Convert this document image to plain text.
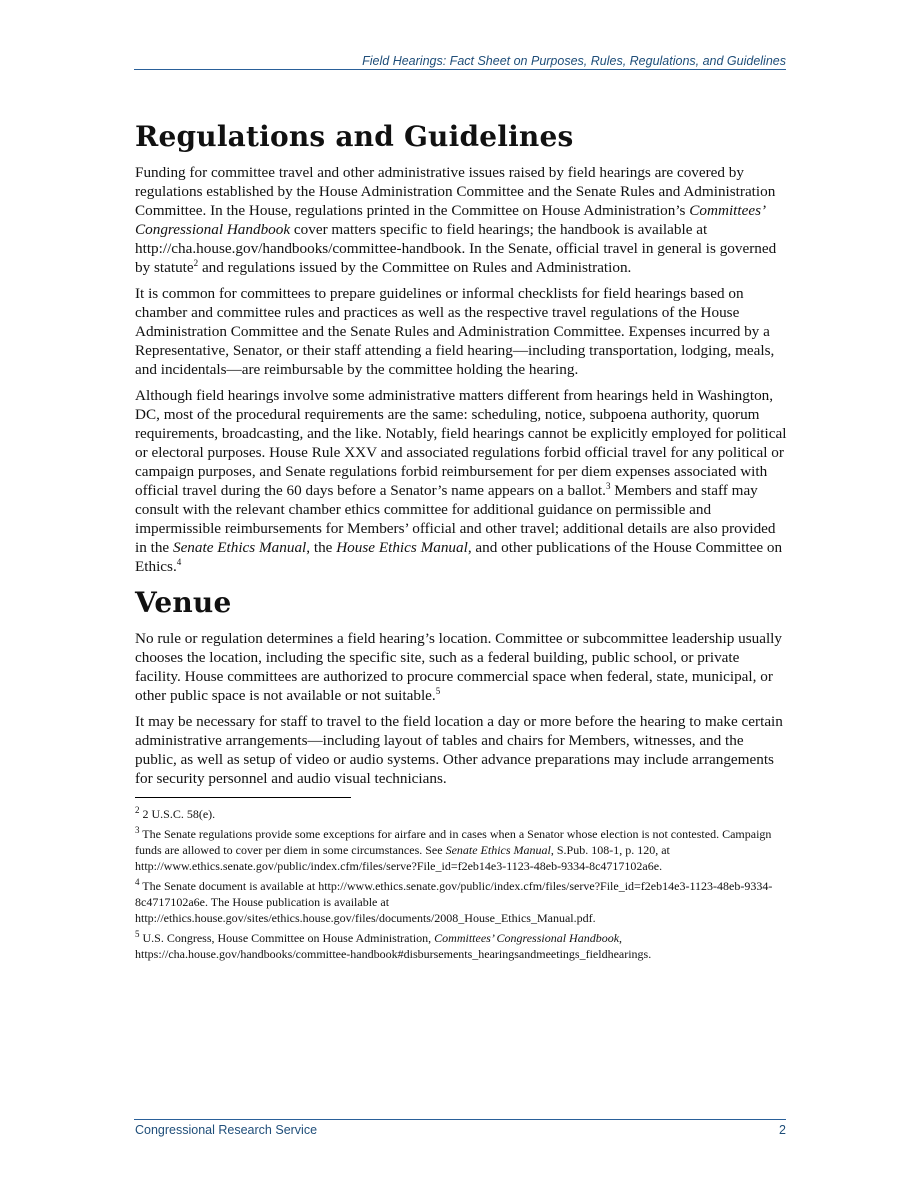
Field Hearings: Fact Sheet on Purposes, Rules, Regulations, and Guidelines
Regulations and Guidelines

Funding for committee travel and other administrative issues raised by field hearings are covered by regulations established by the House Administration Committee and the Senate Rules and Administration Committee. In the House, regulations printed in the Committee on House Administration’s Committees’ Congressional Handbook cover matters specific to field hearings; the handbook is available at http://cha.house.gov/handbooks/committee-handbook. In the Senate, official travel in general is governed by statute$^2$ and regulations issued by the Committee on Rules and Administration.

It is common for committees to prepare guidelines or informal checklists for field hearings based on chamber and committee rules and practices as well as the respective travel regulations of the House Administration Committee and the Senate Rules and Administration Committee. Expenses incurred by a Representative, Senator, or their staff attending a field hearing—including transportation, lodging, meals, and incidentals—are reimbursable by the committee holding the hearing.

Although field hearings involve some administrative matters different from hearings held in Washington, DC, most of the procedural requirements are the same: scheduling, notice, subpoena authority, quorum requirements, broadcasting, and the like. Notably, field hearings cannot be explicitly employed for political or electoral purposes. House Rule XXV and associated regulations forbid official travel for any political or campaign purposes, and Senate regulations forbid reimbursement for per diem expenses associated with official travel during the 60 days before a Senator’s name appears on a ballot.$^3$ Members and staff may consult with the relevant chamber ethics committee for additional guidance on permissible and impermissible reimbursements for Members’ official and other travel; additional details are also provided in the Senate Ethics Manual, the House Ethics Manual, and other publications of the House Committee on Ethics.$^4$

Venue

No rule or regulation determines a field hearing’s location. Committee or subcommittee leadership usually chooses the location, including the specific site, such as a federal building, public school, or private facility. House committees are authorized to procure commercial space when federal, state, municipal, or other public space is not available or not suitable.$^5$

It may be necessary for staff to travel to the field location a day or more before the hearing to make certain administrative arrangements—including layout of tables and chairs for Members, witnesses, and the public, as well as setup of video or audio systems. Other advance preparations may include arrangements for security personnel and audio visual technicians.

$^2$ 2 U.S.C. 58(e).
$^3$ The Senate regulations provide some exceptions for airfare and in cases when a Senator whose election is not contested. Campaign funds are allowed to cover per diem in some circumstances. See Senate Ethics Manual, S.Pub. 108-1, p. 120, at http://www.ethics.senate.gov/public/index.cfm/files/serve?File_id=f2eb14e3-1123-48eb-9334-8c4717102a6e.
$^4$ The Senate document is available at http://www.ethics.senate.gov/public/index.cfm/files/serve?File_id=f2eb14e3-1123-48eb-9334-8c4717102a6e. The House publication is available at http://ethics.house.gov/sites/ethics.house.gov/files/documents/2008_House_Ethics_Manual.pdf.
$^5$ U.S. Congress, House Committee on House Administration, Committees’ Congressional Handbook, https://cha.house.gov/handbooks/committee-handbook#disbursements_hearingsandmeetings_fieldhearings.
Congressional Research Service	2
